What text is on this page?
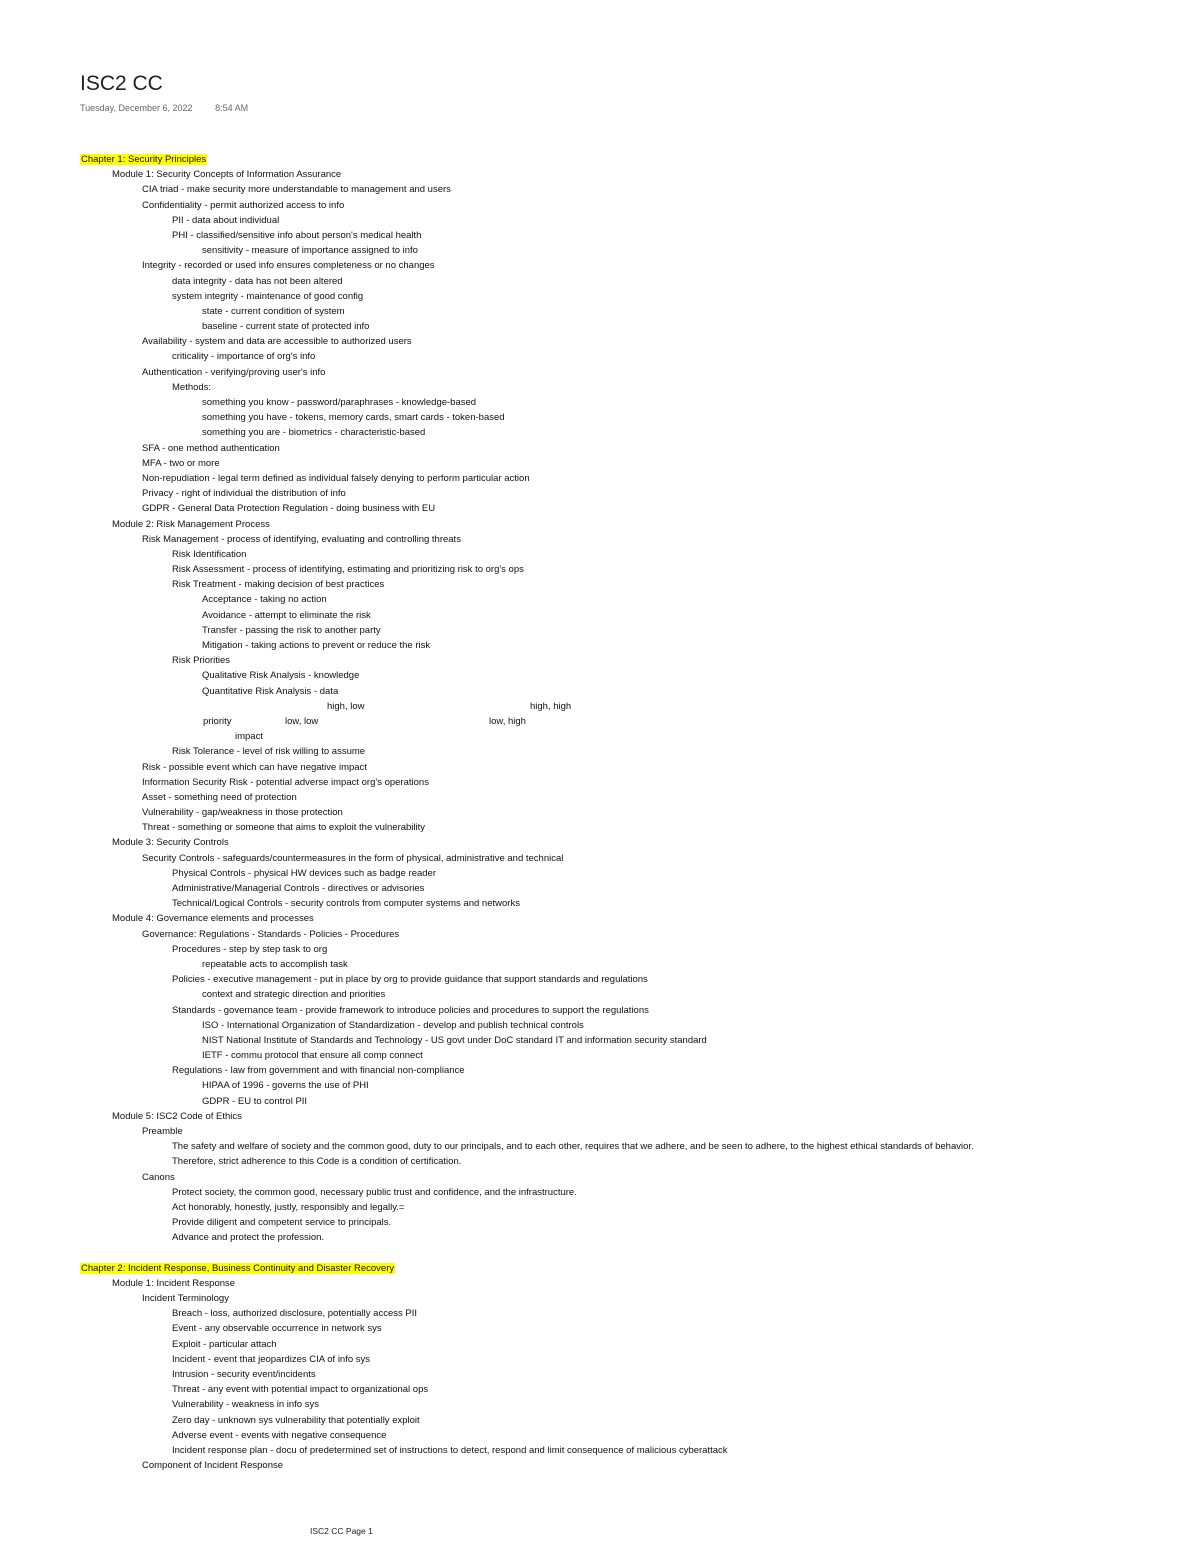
ISC2 CC
Tuesday, December 6, 2022	8:54 AM
Chapter 1: Security Principles
Module 1: Security Concepts of Information Assurance
CIA triad - make security more understandable to management and users
Confidentiality - permit authorized access to info
PII - data about individual
PHI - classified/sensitive info about person's medical health
sensitivity - measure of importance assigned to info
Integrity - recorded or used info ensures completeness or no changes
data integrity - data has not been altered
system integrity - maintenance of good config
state - current condition of system
baseline - current state of protected info
Availability - system and data are accessible to authorized users
criticality - importance of org's info
Authentication - verifying/proving user's info
Methods:
something you know - password/paraphrases - knowledge-based
something you have - tokens, memory cards, smart cards - token-based
something you are - biometrics - characteristic-based
SFA - one method authentication
MFA - two or more
Non-repudiation - legal term defined as individual falsely denying to perform particular action
Privacy - right of individual the distribution of info
GDPR - General Data Protection Regulation - doing business with EU
Module 2: Risk Management Process
Risk Management - process of identifying, evaluating and controlling threats
Risk Identification
Risk Assessment - process of identifying, estimating and prioritizing risk to org's ops
Risk Treatment - making decision of best practices
Acceptance - taking no action
Avoidance - attempt to eliminate the risk
Transfer - passing the risk to another party
Mitigation - taking actions to prevent or reduce the risk
Risk Priorities
Qualitative Risk Analysis - knowledge
Quantitative Risk Analysis - data
high, low	high, high
priority	low, low	low, high
impact
Risk Tolerance - level of risk willing to assume
Risk - possible event which can have negative impact
Information Security Risk - potential adverse impact org's operations
Asset - something need of protection
Vulnerability - gap/weakness in those protection
Threat - something or someone that aims to exploit the vulnerability
Module 3: Security Controls
Security Controls - safeguards/countermeasures in the form of physical, administrative and technical
Physical Controls - physical HW devices such as badge reader
Administrative/Managerial Controls - directives or advisories
Technical/Logical Controls - security controls from computer systems and networks
Module 4: Governance elements and processes
Governance: Regulations - Standards - Policies - Procedures
Procedures - step by step task to org
repeatable acts to accomplish task
Policies - executive management - put in place by org to provide guidance that support standards and regulations
context and strategic direction and priorities
Standards - governance team - provide framework to introduce policies and procedures to support the regulations
ISO - International Organization of Standardization - develop and publish technical controls
NIST National Institute of Standards and Technology - US govt under DoC standard IT and information security standard
IETF - commu protocol that ensure all comp connect
Regulations - law from government and with financial non-compliance
HIPAA of 1996 - governs the use of PHI
GDPR - EU to control PII
Module 5: ISC2 Code of Ethics
Preamble
The safety and welfare of society and the common good, duty to our principals, and to each other, requires that we adhere, and be seen to adhere, to the highest ethical standards of behavior.
Therefore, strict adherence to this Code is a condition of certification.
Canons
Protect society, the common good, necessary public trust and confidence, and the infrastructure.
Act honorably, honestly, justly, responsibly and legally.=
Provide diligent and competent service to principals.
Advance and protect the profession.
Chapter 2: Incident Response, Business Continuity and Disaster Recovery
Module 1: Incident Response
Incident Terminology
Breach - loss, authorized disclosure, potentially access PII
Event - any observable occurrence in network sys
Exploit - particular attach
Incident - event that jeopardizes CIA of info sys
Intrusion - security event/incidents
Threat - any event with potential impact to organizational ops
Vulnerability - weakness in info sys
Zero day - unknown sys vulnerability that potentially exploit
Adverse event - events with negative consequence
Incident response plan - docu of predetermined set of instructions to detect, respond and limit consequence of malicious cyberattack
Component of Incident Response
ISC2 CC Page 1
